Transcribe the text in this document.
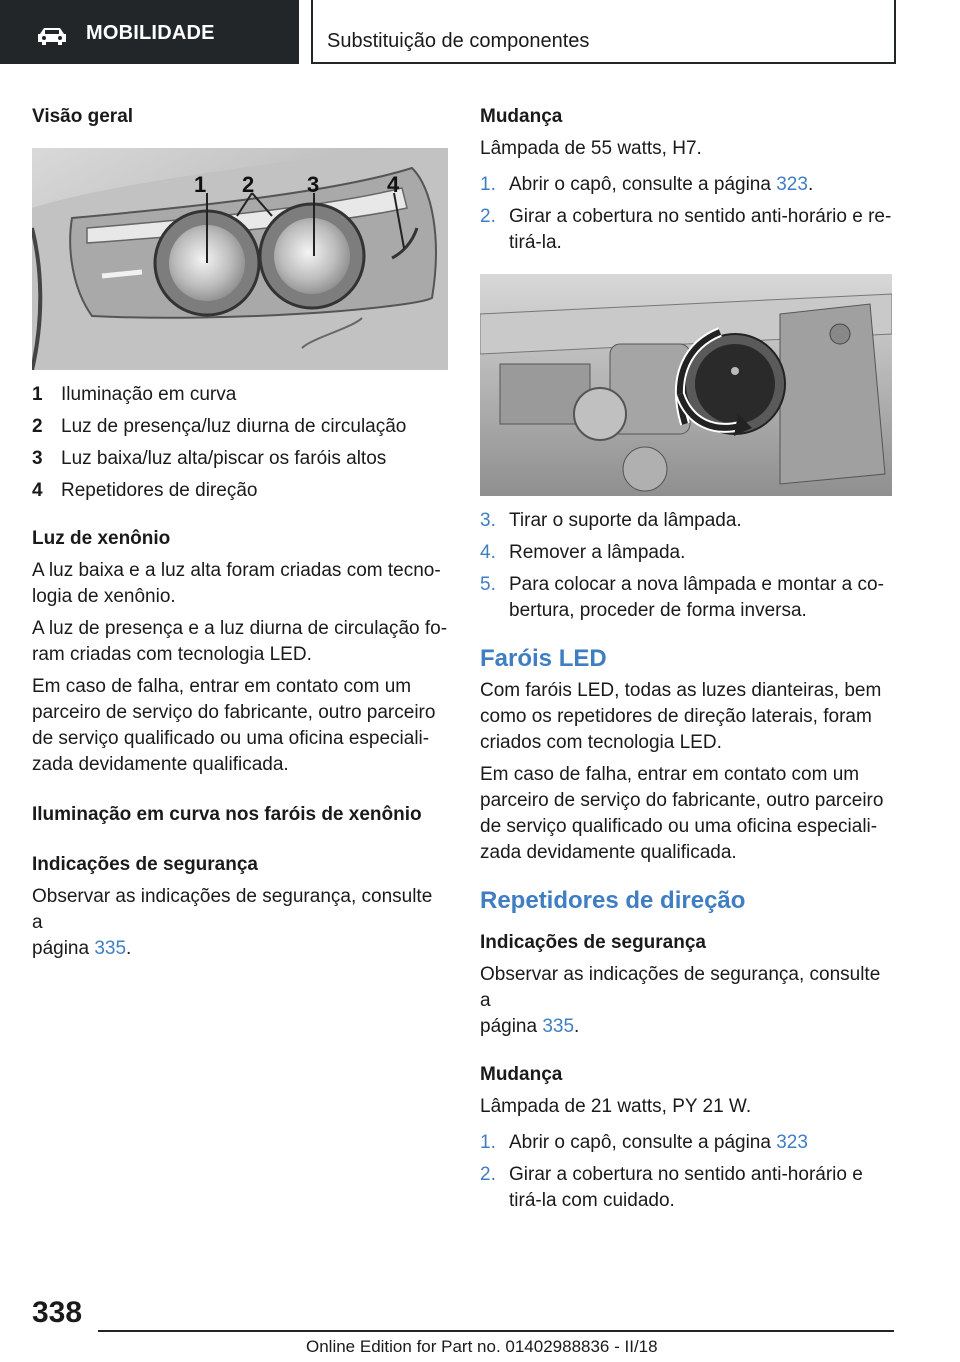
MOBILIDADE	Substituição de componentes
Visão geral
1 2 3	4
1 Iluminação em curva
2 Luz de presença/luz diurna de circulação
3 Luz baixa/luz alta/piscar os faróis altos
4 Repetidores de direção
Luz de xenônio

A luz baixa e a luz alta foram criadas com tecno-

logia de xenônio.

A luz de presença e a luz diurna de circulação fo-

ram criadas com tecnologia LED.

Em caso de falha, entrar em contato com um

parceiro de serviço do fabricante, outro parceiro

de serviço qualificado ou uma oficina especiali-

zada devidamente qualificada.

Iluminação em curva nos faróis de xenônio
Indicações de segurança

Observar as indicações de segurança, consulte a

página 335.

Mudança

Lâmpada de 55 watts, H7.

1. Abrir o capô, consulte a página 323.
2. Girar a cobertura no sentido anti-horário e re-
tirá-la.
3. Tirar o suporte da lâmpada.
4. Remover a lâmpada.
5. Para colocar a nova lâmpada e montar a co-
bertura, proceder de forma inversa.
Faróis LED

Com faróis LED, todas as luzes dianteiras, bem

como os repetidores de direção laterais, foram

criados com tecnologia LED.

Em caso de falha, entrar em contato com um

parceiro de serviço do fabricante, outro parceiro

de serviço qualificado ou uma oficina especiali-

zada devidamente qualificada.

Repetidores de direção
Indicações de segurança

Observar as indicações de segurança, consulte a

página 335.

Mudança

Lâmpada de 21 watts, PY 21 W.

1. Abrir o capô, consulte a página 323
2. Girar a cobertura no sentido anti-horário e
tirá-la com cuidado.
338
Online Edition for Part no. 01402988836 - II/18
